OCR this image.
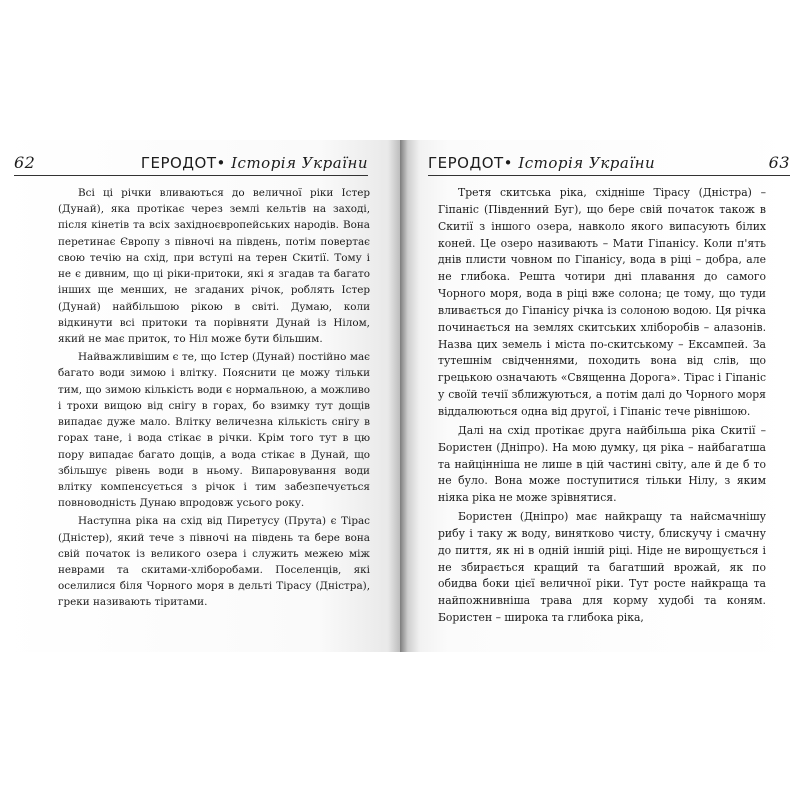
62	ГЕРОДОТ• Історія України

Всі ці річки вливаються до величної ріки Істер (Дунай), яка протікає через землі кельтів на заході, після кінетів та всіх західноєвропейських народів. Вона перетинає Європу з півночі на південь, потім повертає свою течію на схід, при вступі на терен Скитії. Тому і не є дивним, що ці ріки-притоки, які я згадав та багато інших ще менших, не згаданих річок, роблять Істер (Дунай) найбільшою рікою в світі. Думаю, коли відкинути всі притоки та порівняти Дунай із Нілом, який не має приток, то Ніл може бути більшим.

Найважливішим є те, що Істер (Дунай) постійно має багато води зимою і влітку. Пояснити це можу тільки тим, що зимою кількість води є нормальною, а можливо і трохи вищою від снігу в горах, бо взимку тут дощів випадає дуже мало. Влітку величезна кількість снігу в горах тане, і вода стікає в річки. Крім того тут в цю пору випадає багато дощів, а вода стікає в Дунай, що збільшує рівень води в ньому. Випаровування води влітку компенсується з річок і тим забезпечується повноводність Дунаю впродовж усього року.

Наступна ріка на схід від Пиретусу (Прута) є Тірас (Дністер), який тече з півночі на південь та бере вона свій початок із великого озера і служить межею між неврами та скитами-хліборобами. Поселенців, які оселилися біля Чорного моря в дельті Тірасу (Дністра), греки називають тіритами.

ГЕРОДОТ• Історія України	63

Третя скитська ріка, східніше Тірасу (Дністра) – Гіпаніс (Південний Буг), що бере свій початок також в Скитії з іншого озера, навколо якого випасують білих коней. Це озеро називають – Мати Гіпанісу. Коли п'ять днів плисти човном по Гіпанісу, вода в ріці – добра, але не глибока. Решта чотири дні плавання до самого Чорного моря, вода в ріці вже солона; це тому, що туди вливається до Гіпанісу річка із солоною водою. Ця річка починається на землях скитських хліборобів – алазонів. Назва цих земель і міста по-скитському – Ексампей. За тутешнім свідченнями, походить вона від слів, що грецькою означають «Священна Дорога». Тірас і Гіпаніс у своїй течії зближуються, а потім далі до Чорного моря віддалюються одна від другої, і Гіпаніс тече рівнішою.

Далі на схід протікає друга найбільша ріка Скитії – Бористен (Дніпро). На мою думку, ця ріка – найбагатша та найцінніша не лише в цій частині світу, але й де б то не було. Вона може поступитися тільки Нілу, з яким ніяка ріка не може зрівнятися.

Бористен (Дніпро) має найкращу та найсмачнішу рибу і таку ж воду, винятково чисту, блискучу і смачну до пиття, як ні в одній іншій ріці. Ніде не вирощується і не збирається кращий та багатший врожай, як по обидва боки цієї величної ріки. Тут росте найкраща та найпожнивніша трава для корму худобі та коням. Бористен – широка та глибока ріка,
